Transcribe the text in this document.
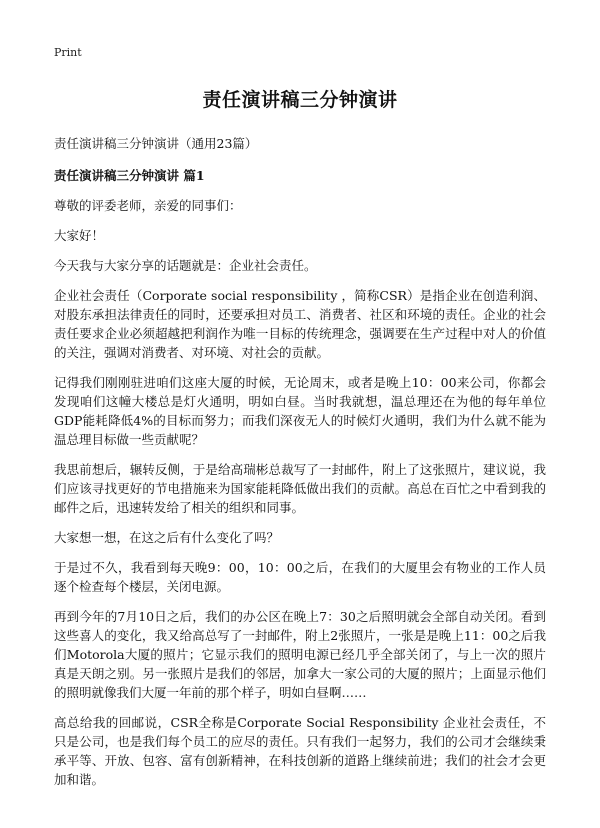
Print
责任演讲稿三分钟演讲
责任演讲稿三分钟演讲（通用23篇）
责任演讲稿三分钟演讲 篇1

尊敬的评委老师，亲爱的同事们：

大家好！

今天我与大家分享的话题就是：企业社会责任。

企业社会责任（Corporate social responsibility ，简称CSR）是指企业在创造利润、对股东承担法律责任的同时，还要承担对员工、消费者、社区和环境的责任。企业的社会责任要求企业必须超越把利润作为唯一目标的传统理念，强调要在生产过程中对人的价值的关注，强调对消费者、对环境、对社会的贡献。

记得我们刚刚驻进咱们这座大厦的时候，无论周末，或者是晚上10：00来公司，你都会发现咱们这幢大楼总是灯火通明，明如白昼。当时我就想，温总理还在为他的每年单位GDP能耗降低4%的目标而努力；而我们深夜无人的时候灯火通明，我们为什么就不能为温总理目标做一些贡献呢？

我思前想后，辗转反侧，于是给高瑞彬总裁写了一封邮件，附上了这张照片，建议说，我们应该寻找更好的节电措施来为国家能耗降低做出我们的贡献。高总在百忙之中看到我的邮件之后，迅速转发给了相关的组织和同事。

大家想一想，在这之后有什么变化了吗？

于是过不久，我看到每天晚9：00，10：00之后，在我们的大厦里会有物业的工作人员逐个检查每个楼层，关闭电源。

再到今年的7月10日之后，我们的办公区在晚上7：30之后照明就会全部自动关闭。看到这些喜人的变化，我又给高总写了一封邮件，附上2张照片，一张是是晚上11：00之后我们Motorola大厦的照片；它显示我们的照明电源已经几乎全部关闭了，与上一次的照片真是天朗之别。另一张照片是我们的邻居，加拿大一家公司的大厦的照片；上面显示他们的照明就像我们大厦一年前的那个样子，明如白昼啊……

高总给我的回邮说，CSR全称是Corporate Social Responsibility 企业社会责任，不只是公司，也是我们每个员工的应尽的责任。只有我们一起努力，我们的公司才会继续秉承平等、开放、包容、富有创新精神，在科技创新的道路上继续前进；我们的社会才会更加和谐。
